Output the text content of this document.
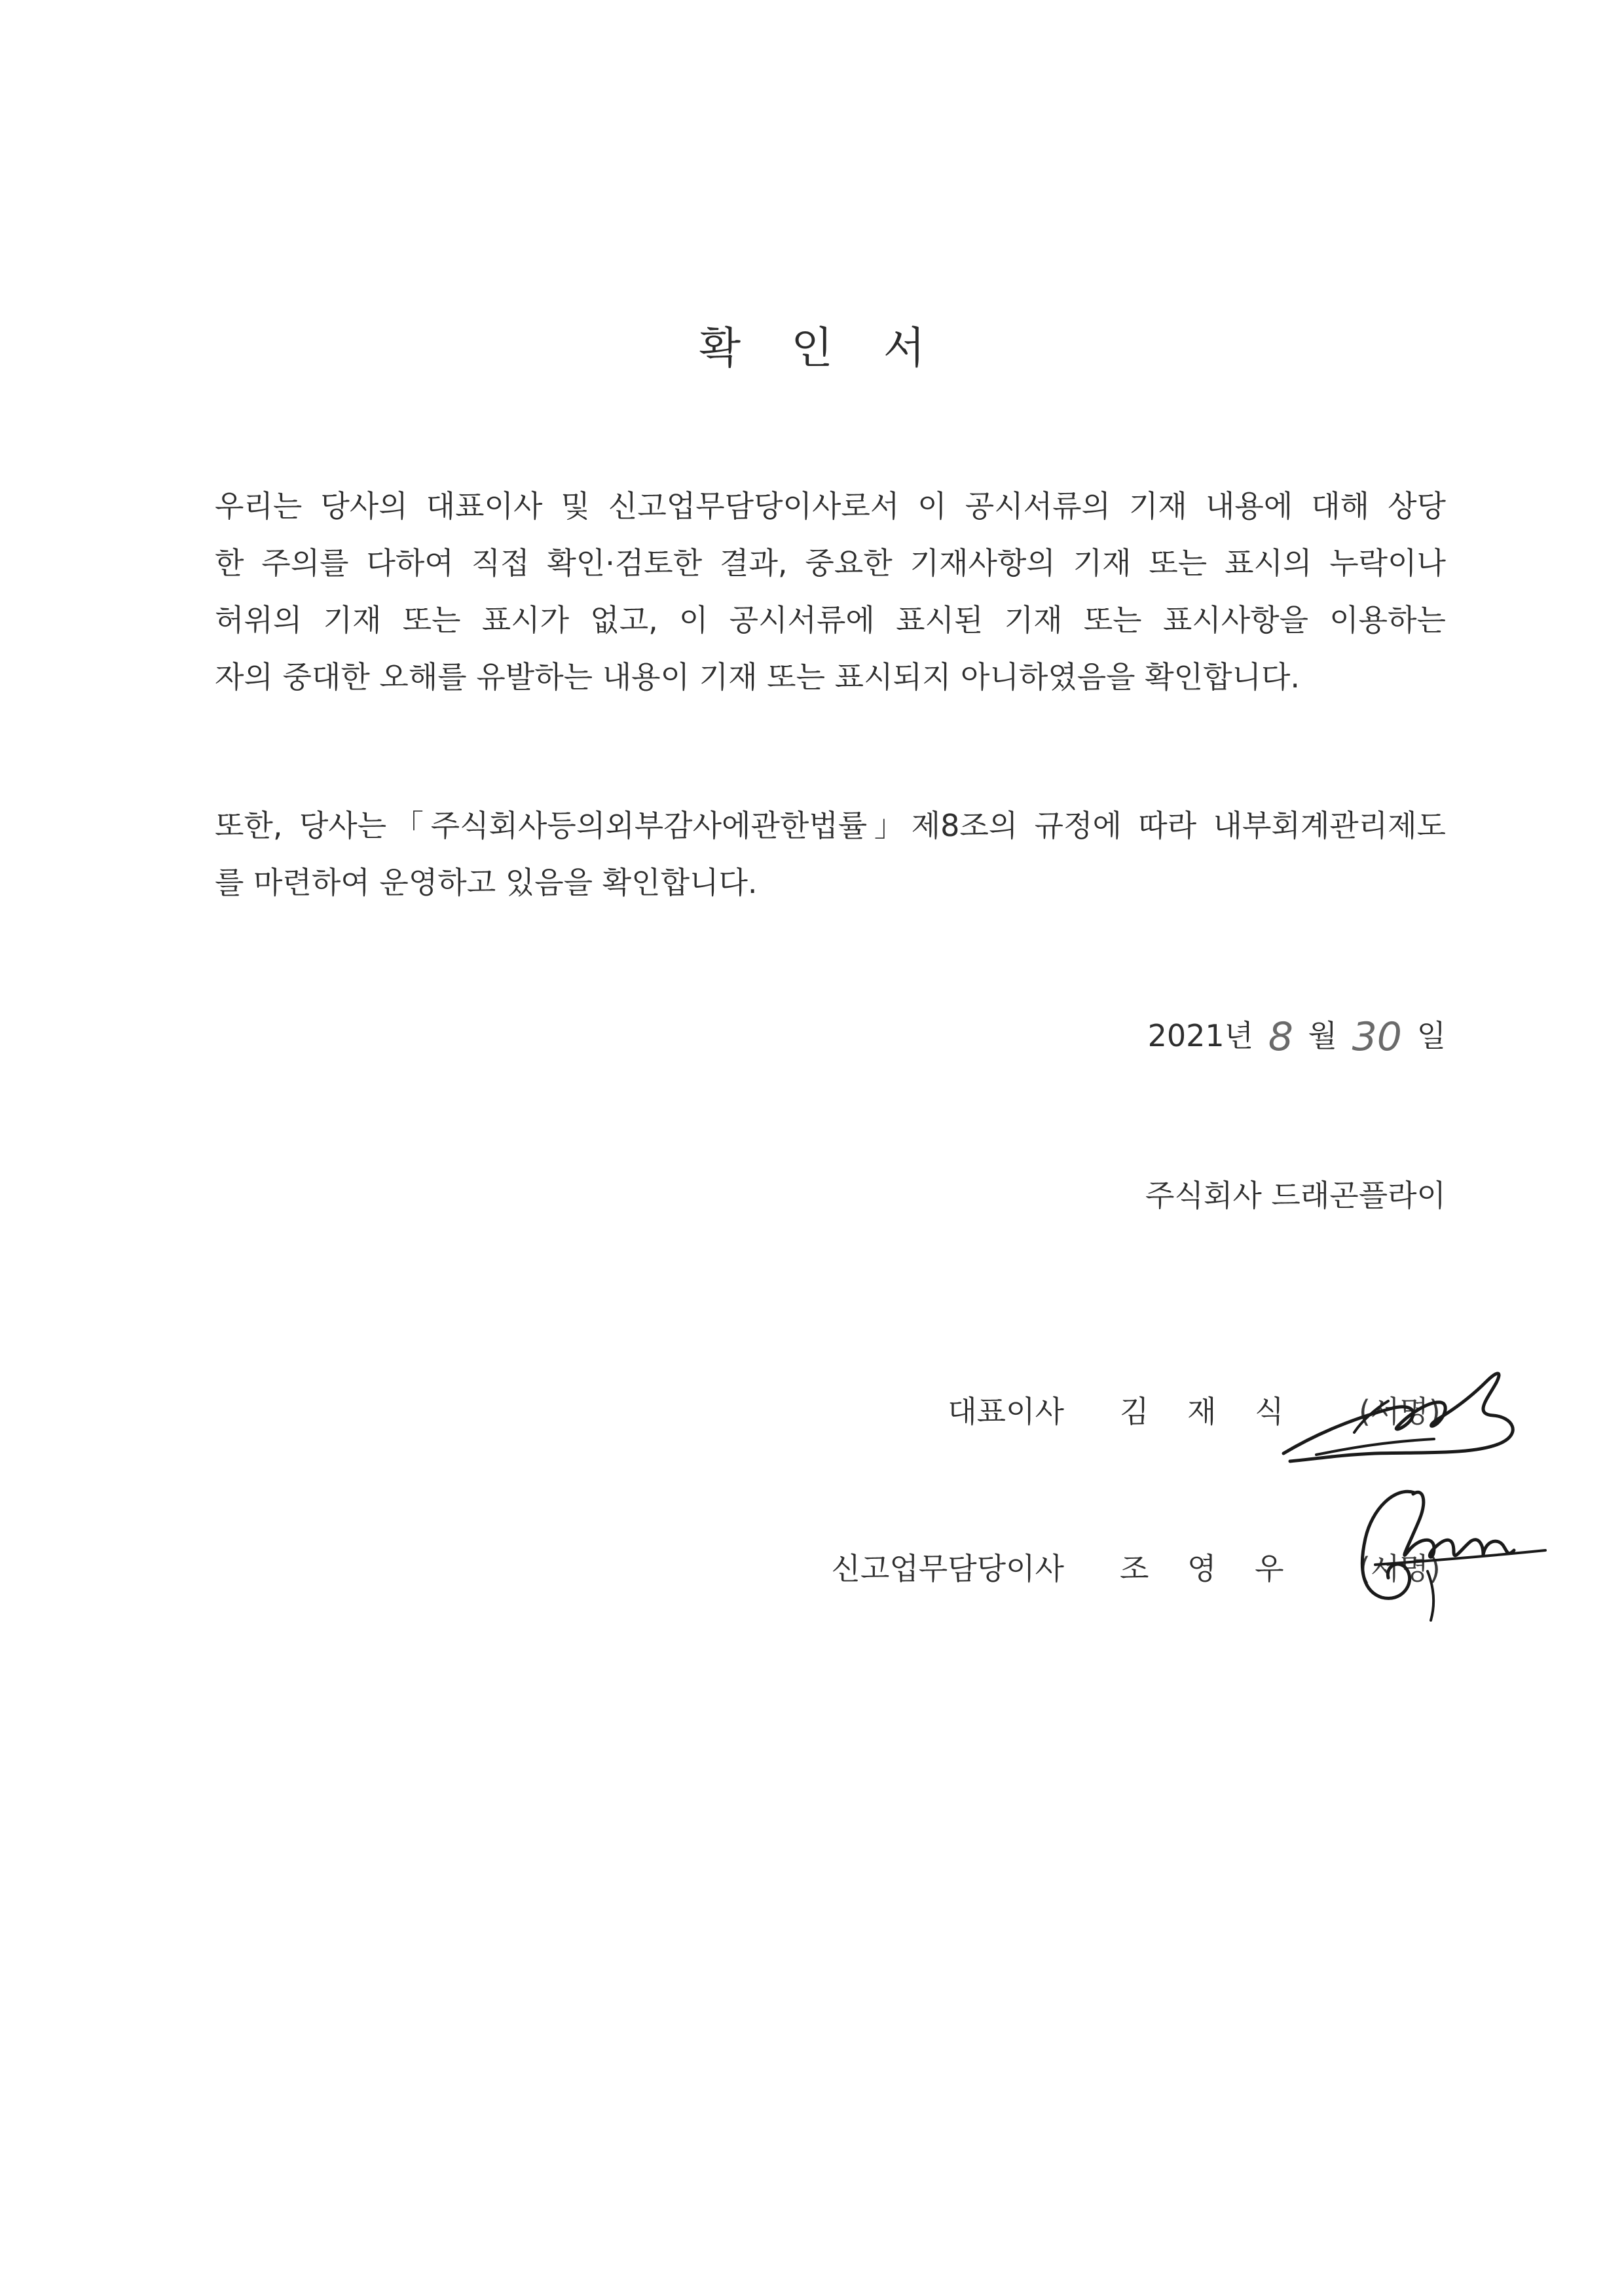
확 인 서
우리는 당사의 대표이사 및 신고업무담당이사로서 이 공시서류의 기재 내용에 대해 상당
한 주의를 다하여 직접 확인·검토한 결과, 중요한 기재사항의 기재 또는 표시의 누락이나
허위의 기재 또는 표시가 없고, 이 공시서류에 표시된 기재 또는 표시사항을 이용하는
자의 중대한 오해를 유발하는 내용이 기재 또는 표시되지 아니하였음을 확인합니다.
또한, 당사는「주식회사등의외부감사에관한법률」제8조의 규정에 따라 내부회계관리제도
를 마련하여 운영하고 있음을 확인합니다.
2021년 8 월 30 일
주식회사 드래곤플라이
대표이사 김 재 식 (서명)
신고업무담당이사 조 영 우 (서명)
